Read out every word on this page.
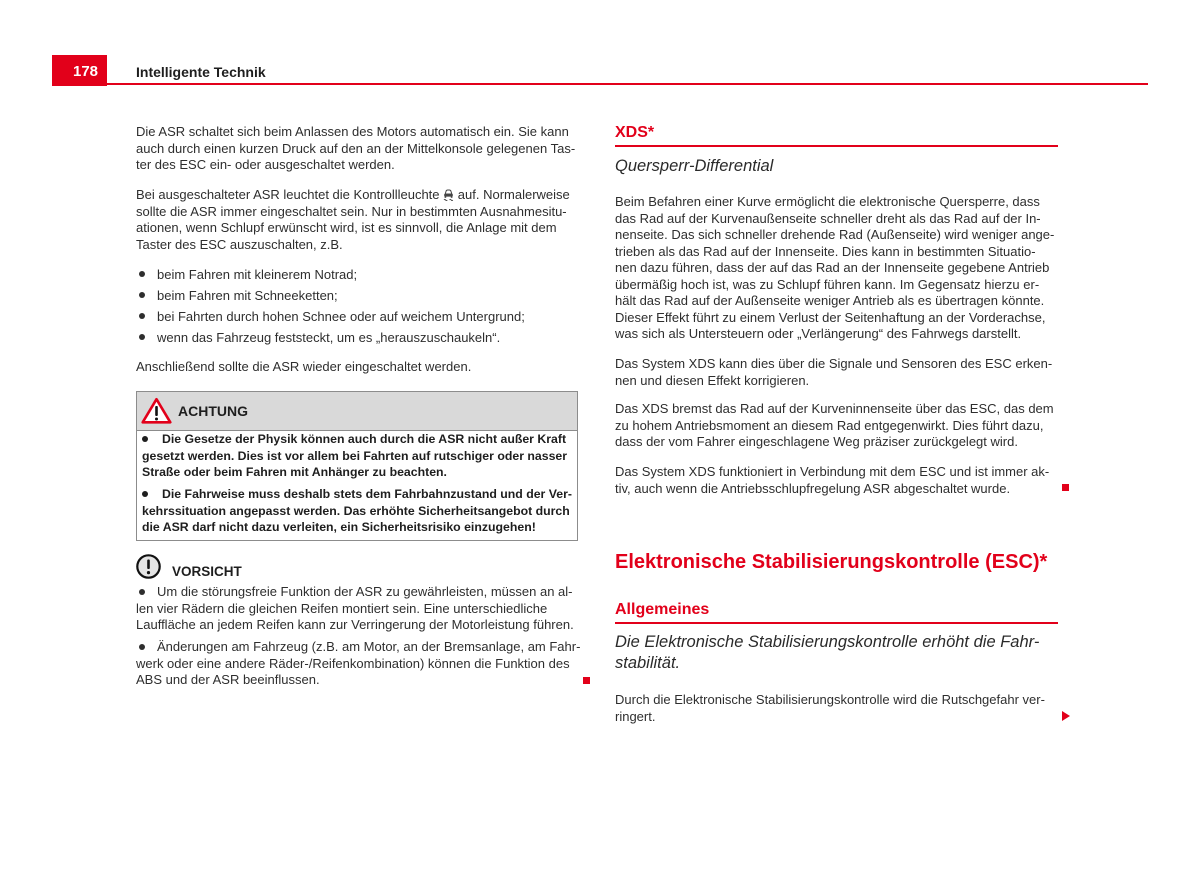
178	Intelligente Technik

Die ASR schaltet sich beim Anlassen des Motors automatisch ein. Sie kann
auch durch einen kurzen Druck auf den an der Mittelkonsole gelegenen Tas-
ter des ESC ein- oder ausgeschaltet werden.

Bei ausgeschalteter ASR leuchtet die Kontrollleuchte auf. Normalerweise
sollte die ASR immer eingeschaltet sein. Nur in bestimmten Ausnahmesitu-
ationen, wenn Schlupf erwünscht wird, ist es sinnvoll, die Anlage mit dem
Taster des ESC auszuschalten, z.B.

beim Fahren mit kleinerem Notrad;
beim Fahren mit Schneeketten;
bei Fahrten durch hohen Schnee oder auf weichem Untergrund;
wenn das Fahrzeug feststeckt, um es „herauszuschaukeln“.

Anschließend sollte die ASR wieder eingeschaltet werden.

ACHTUNG

Die Gesetze der Physik können auch durch die ASR nicht außer Kraft
gesetzt werden. Dies ist vor allem bei Fahrten auf rutschiger oder nasser
Straße oder beim Fahren mit Anhänger zu beachten.

Die Fahrweise muss deshalb stets dem Fahrbahnzustand und der Ver-
kehrssituation angepasst werden. Das erhöhte Sicherheitsangebot durch
die ASR darf nicht dazu verleiten, ein Sicherheitsrisiko einzugehen!

VORSICHT

Um die störungsfreie Funktion der ASR zu gewährleisten, müssen an al-
len vier Rädern die gleichen Reifen montiert sein. Eine unterschiedliche
Lauffläche an jedem Reifen kann zur Verringerung der Motorleistung führen.

Änderungen am Fahrzeug (z.B. am Motor, an der Bremsanlage, am Fahr-
werk oder eine andere Räder-/Reifenkombination) können die Funktion des
ABS und der ASR beeinflussen.

XDS*
Quersperr-Differential

Beim Befahren einer Kurve ermöglicht die elektronische Quersperre, dass
das Rad auf der Kurvenaußenseite schneller dreht als das Rad auf der In-
nenseite. Das sich schneller drehende Rad (Außenseite) wird weniger ange-
trieben als das Rad auf der Innenseite. Dies kann in bestimmten Situatio-
nen dazu führen, dass der auf das Rad an der Innenseite gegebene Antrieb
übermäßig hoch ist, was zu Schlupf führen kann. Im Gegensatz hierzu er-
hält das Rad auf der Außenseite weniger Antrieb als es übertragen könnte.
Dieser Effekt führt zu einem Verlust der Seitenhaftung an der Vorderachse,
was sich als Untersteuern oder „Verlängerung“ des Fahrwegs darstellt.

Das System XDS kann dies über die Signale und Sensoren des ESC erken-
nen und diesen Effekt korrigieren.

Das XDS bremst das Rad auf der Kurveninnenseite über das ESC, das dem
zu hohem Antriebsmoment an diesem Rad entgegenwirkt. Dies führt dazu,
dass der vom Fahrer eingeschlagene Weg präziser zurückgelegt wird.

Das System XDS funktioniert in Verbindung mit dem ESC und ist immer ak-
tiv, auch wenn die Antriebsschlupfregelung ASR abgeschaltet wurde.

Elektronische Stabilisierungskontrolle (ESC)*
Allgemeines

Die Elektronische Stabilisierungskontrolle erhöht die Fahr-
stabilität.

Durch die Elektronische Stabilisierungskontrolle wird die Rutschgefahr ver-
ringert.
